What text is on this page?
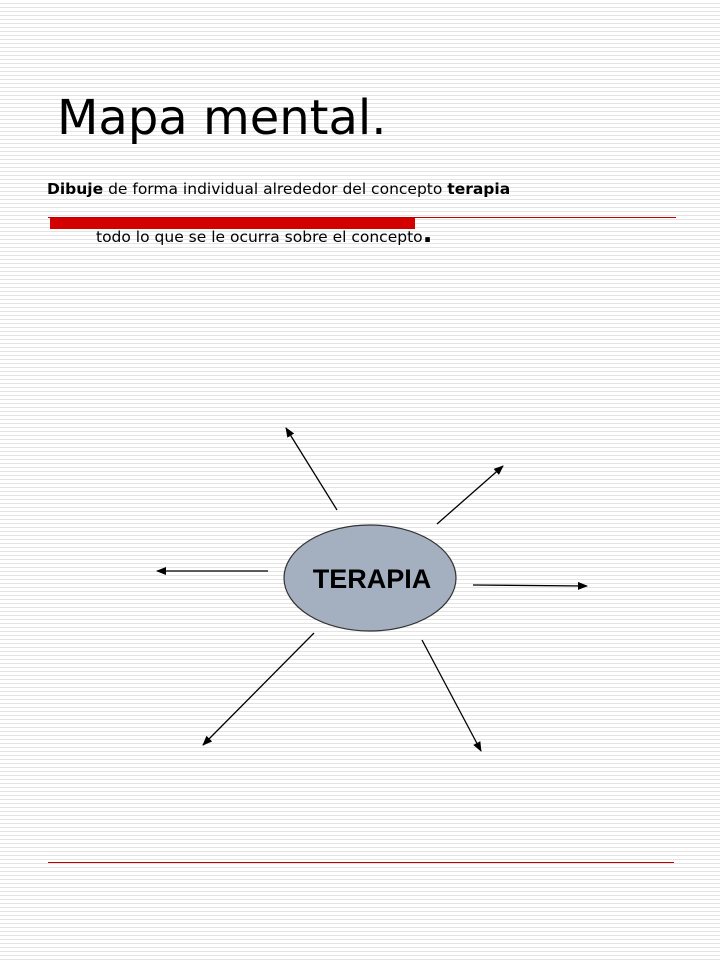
Mapa mental.
Dibuje de forma individual alrededor del concepto terapia
todo lo que se le ocurra sobre el concepto.
TERAPIA
